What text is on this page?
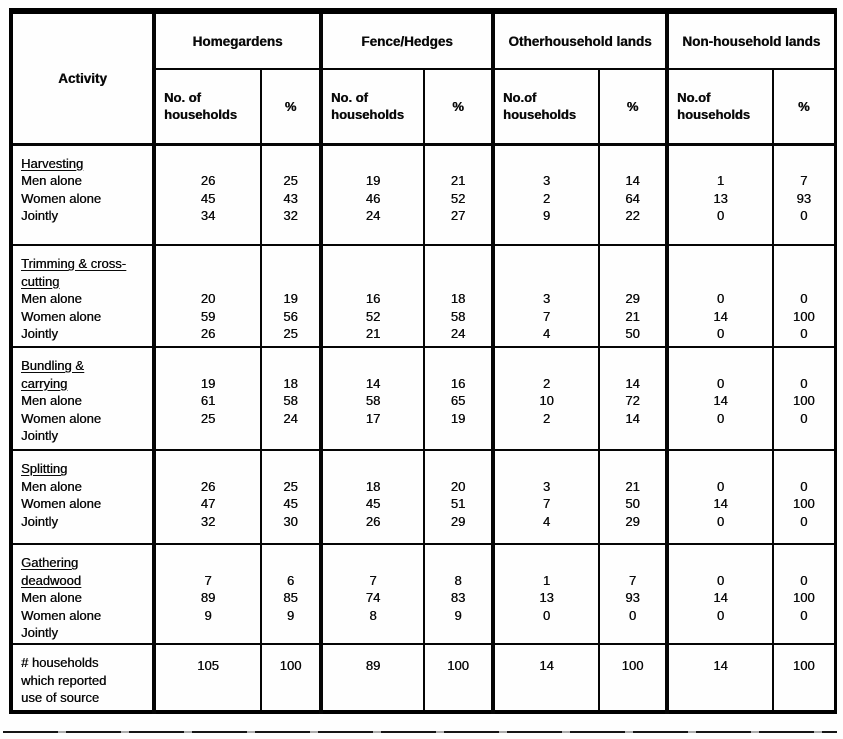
Activity	Homegardens		Fence/Hedges		Otherhousehold lands		Non-household lands	
	No. of households	%	No. of households	%	No.of households	%	No.of households	%

Harvesting
Men alone
Women alone
Jointly

26
45
34

25
43
32

19
46
24

21
52
27

3
2
9

14
64
22

1
13
0

7
93
0

Trimming & cross-
cutting
Men alone
Women alone
Jointly

20
59
26

19
56
25

16
52
21

18
58
24

3
7
4

29
21
50

0
14
0

0
100
0

Bundling &
carrying
Men alone
Women alone
Jointly

19
61
25

18
58
24

14
58
17

16
65
19

2
10
2

14
72
14

0
14
0

0
100
0

Splitting
Men alone
Women alone
Jointly

26
47
32

25
45
30

18
45
26

20
51
29

3
7
4

21
50
29

0
14
0

0
100
0

Gathering
deadwood
Men alone
Women alone
Jointly

7
89
9

6
85
9

7
74
8

8
83
9

1
13
0

7
93
0

0
14
0

0
100
0

# households
which reported
use of source	105	100	89	100	14	100	14	100
